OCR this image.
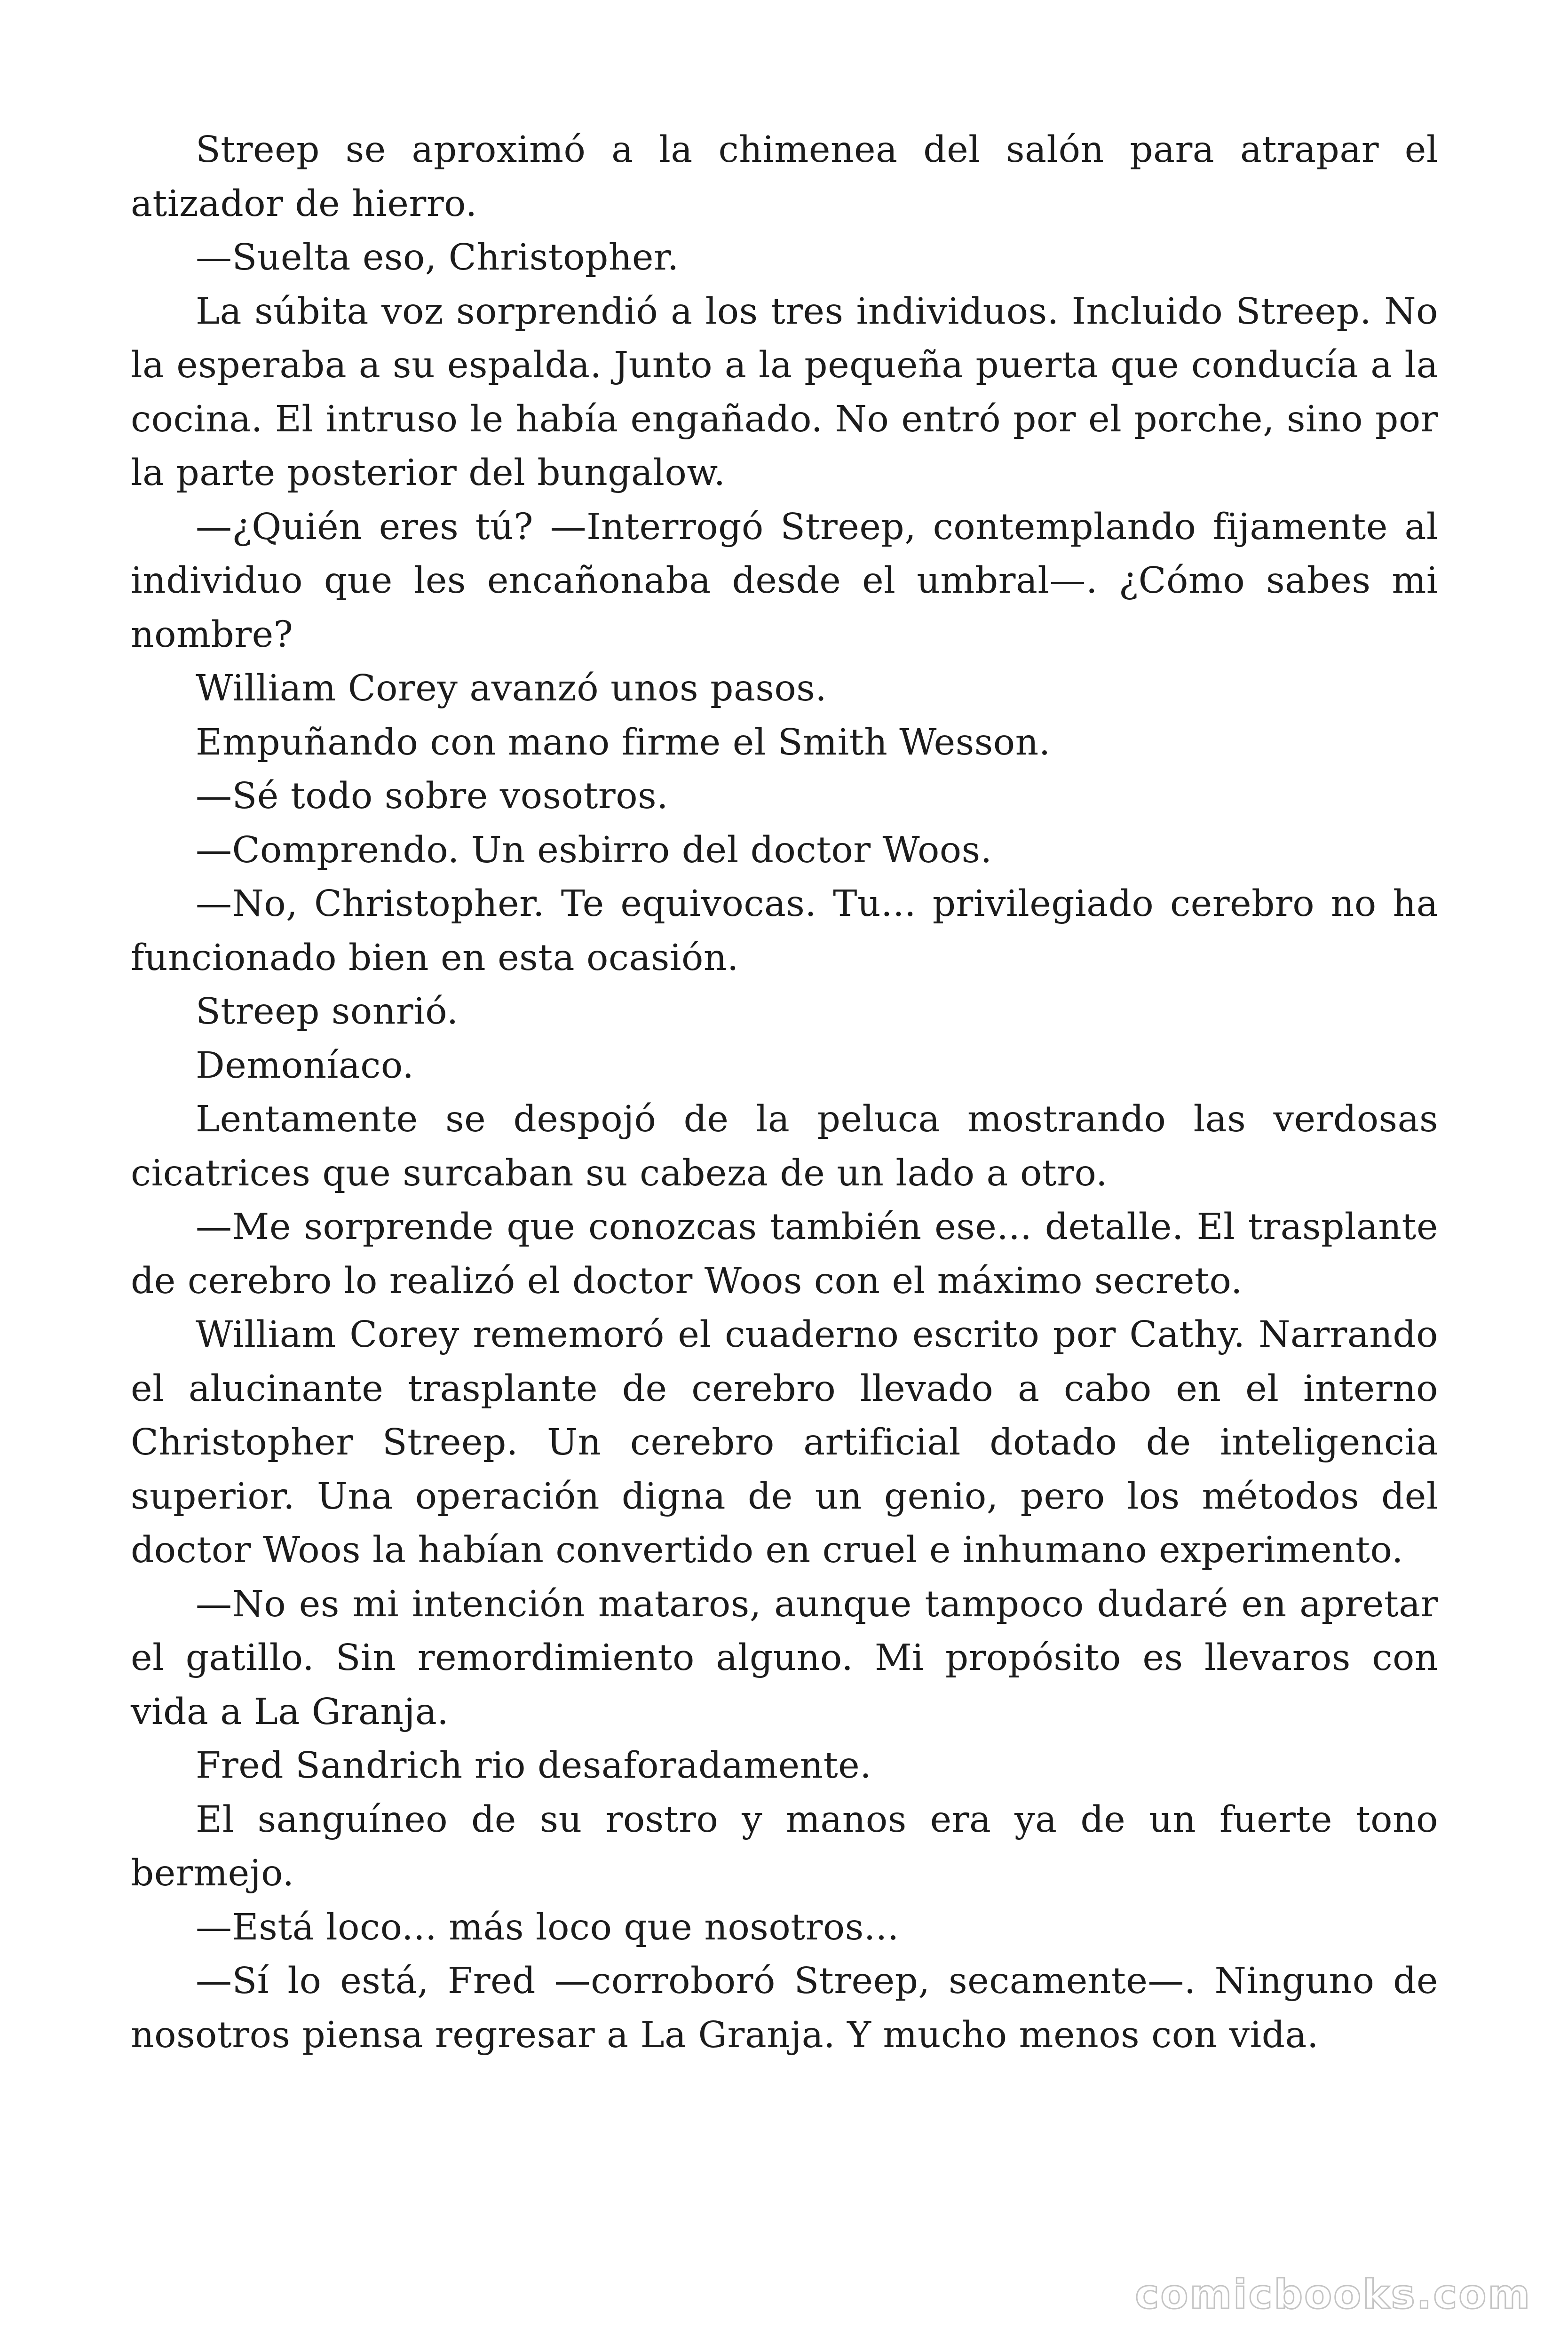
Streep se aproximó a la chimenea del salón para atrapar el atizador de hierro.

—Suelta eso, Christopher.

La súbita voz sorprendió a los tres individuos. Incluido Streep. No la esperaba a su espalda. Junto a la pequeña puerta que conducía a la cocina. El intruso le había engañado. No entró por el porche, sino por la parte posterior del bungalow.

—¿Quién eres tú? —Interrogó Streep, contemplando fijamente al individuo que les encañonaba desde el umbral—. ¿Cómo sabes mi nombre?

William Corey avanzó unos pasos.

Empuñando con mano firme el Smith Wesson.

—Sé todo sobre vosotros.

—Comprendo. Un esbirro del doctor Woos.

—No, Christopher. Te equivocas. Tu... privilegiado cerebro no ha funcionado bien en esta ocasión.

Streep sonrió.

Demoníaco.

Lentamente se despojó de la peluca mostrando las verdosas cicatrices que surcaban su cabeza de un lado a otro.

—Me sorprende que conozcas también ese... detalle. El trasplante de cerebro lo realizó el doctor Woos con el máximo secreto.

William Corey rememoró el cuaderno escrito por Cathy. Narrando el alucinante trasplante de cerebro llevado a cabo en el interno Christopher Streep. Un cerebro artificial dotado de inteligencia superior. Una operación digna de un genio, pero los métodos del doctor Woos la habían convertido en cruel e inhumano experimento.

—No es mi intención mataros, aunque tampoco dudaré en apretar el gatillo. Sin remordimiento alguno. Mi propósito es llevaros con vida a La Granja.

Fred Sandrich rio desaforadamente.

El sanguíneo de su rostro y manos era ya de un fuerte tono bermejo.

—Está loco... más loco que nosotros...

—Sí lo está, Fred —corroboró Streep, secamente—. Ninguno de nosotros piensa regresar a La Granja. Y mucho menos con vida.

comicbooks.com
